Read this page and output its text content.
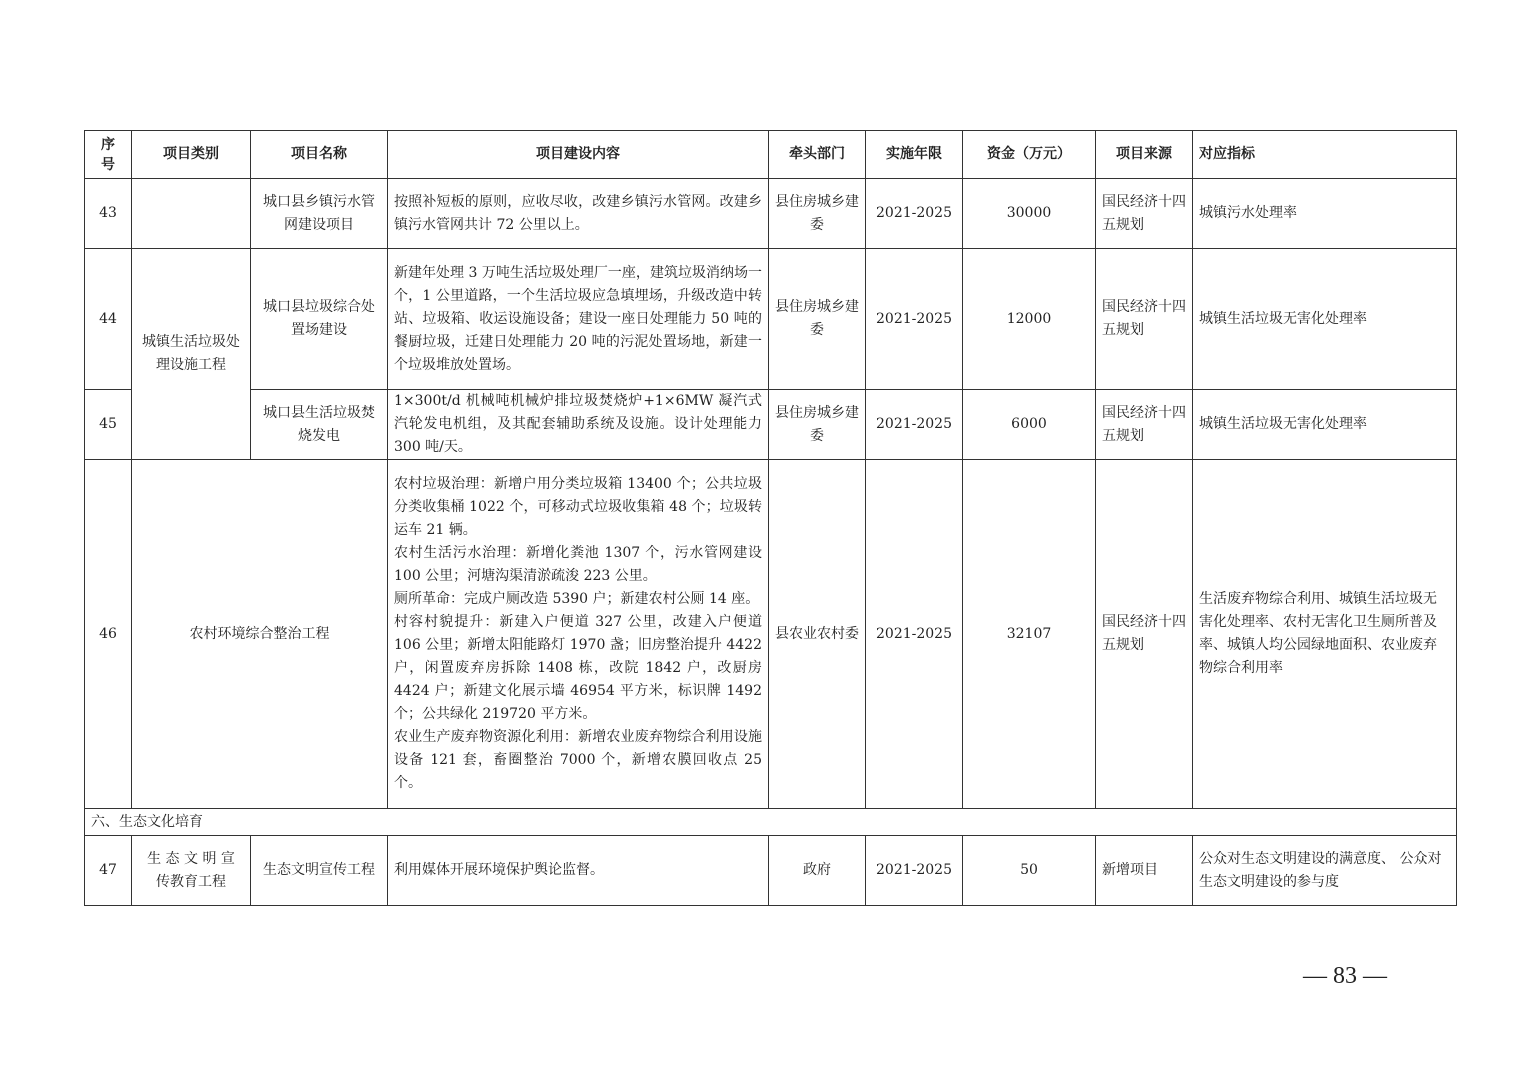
序号	项目类别	项目名称	项目建设内容	牵头部门	实施年限	资金（万元）	项目来源	对应指标
43		城口县乡镇污水管网建设项目	按照补短板的原则，应收尽收，改建乡镇污水管网。改建乡镇污水管网共计 72 公里以上。	县住房城乡建委	2021-2025	30000	国民经济十四五规划	城镇污水处理率
44	城镇生活垃圾处理设施工程	城口县垃圾综合处置场建设	新建年处理 3 万吨生活垃圾处理厂一座，建筑垃圾消纳场一个，1 公里道路，一个生活垃圾应急填埋场，升级改造中转站、垃圾箱、收运设施设备；建设一座日处理能力 50 吨的餐厨垃圾，迁建日处理能力 20 吨的污泥处置场地，新建一个垃圾堆放处置场。	县住房城乡建委	2021-2025	12000	国民经济十四五规划	城镇生活垃圾无害化处理率
45		城口县生活垃圾焚烧发电	1×300t/d 机械吨机械炉排垃圾焚烧炉+1×6MW 凝汽式汽轮发电机组，及其配套辅助系统及设施。设计处理能力 300 吨/天。	县住房城乡建委	2021-2025	6000	国民经济十四五规划	城镇生活垃圾无害化处理率
46	农村环境综合整治工程		农村垃圾治理：新增户用分类垃圾箱 13400 个；公共垃圾分类收集桶 1022 个，可移动式垃圾收集箱 48 个；垃圾转运车 21 辆。
农村生活污水治理：新增化粪池 1307 个，污水管网建设 100 公里；河塘沟渠清淤疏浚 223 公里。
厕所革命：完成户厕改造 5390 户；新建农村公厕 14 座。
村容村貌提升：新建入户便道 327 公里，改建入户便道 106 公里；新增太阳能路灯 1970 盏；旧房整治提升 4422 户，闲置废弃房拆除 1408 栋，改院 1842 户，改厨房 4424 户；新建文化展示墙 46954 平方米，标识牌 1492 个；公共绿化 219720 平方米。
农业生产废弃物资源化利用：新增农业废弃物综合利用设施设备 121 套，畜圈整治 7000 个，新增农膜回收点 25 个。	县农业农村委	2021-2025	32107	国民经济十四五规划	生活废弃物综合利用、城镇生活垃圾无害化处理率、农村无害化卫生厕所普及率、城镇人均公园绿地面积、农业废弃物综合利用率
六、生态文化培育								
47	生 态 文 明 宣 传教育工程	生态文明宣传工程	利用媒体开展环境保护舆论监督。	政府	2021-2025	50	新增项目	公众对生态文明建设的满意度、 公众对生态文明建设的参与度
— 83 —
